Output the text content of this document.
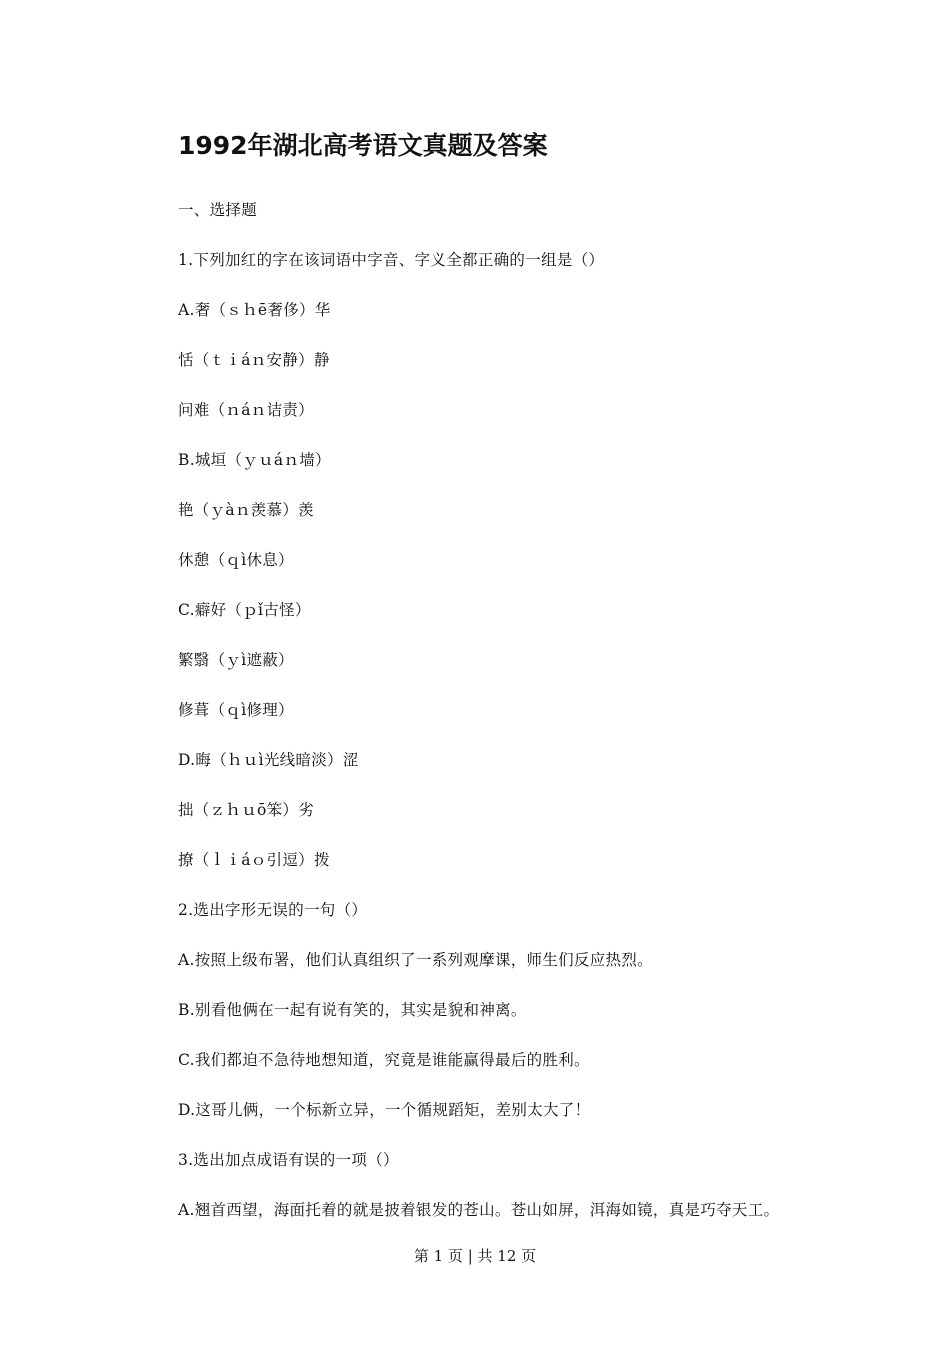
1992年湖北高考语文真题及答案
一、选择题
1.下列加红的字在该词语中字音、字义全都正确的一组是（）
A.奢（ｓｈē奢侈）华
恬（ｔｉáｎ安静）静
问难（ｎáｎ诘责）
B.城垣（ｙｕáｎ墙）
艳（ｙàｎ羡慕）羡
休憩（ｑì休息）
C.癖好（ｐǐ古怪）
繁翳（ｙì遮蔽）
修葺（ｑì修理）
D.晦（ｈｕì光线暗淡）涩
拙（ｚｈｕō笨）劣
撩（ｌｉáｏ引逗）拨
2.选出字形无误的一句（）
A.按照上级布署，他们认真组织了一系列观摩课，师生们反应热烈。
B.别看他俩在一起有说有笑的，其实是貌和神离。
C.我们都迫不急待地想知道，究竟是谁能赢得最后的胜利。
D.这哥儿俩，一个标新立异，一个循规蹈矩，差别太大了！
3.选出加点成语有误的一项（）
A.翘首西望，海面托着的就是披着银发的苍山。苍山如屏，洱海如镜，真是巧夺天工。
第 1 页 | 共 12 页
